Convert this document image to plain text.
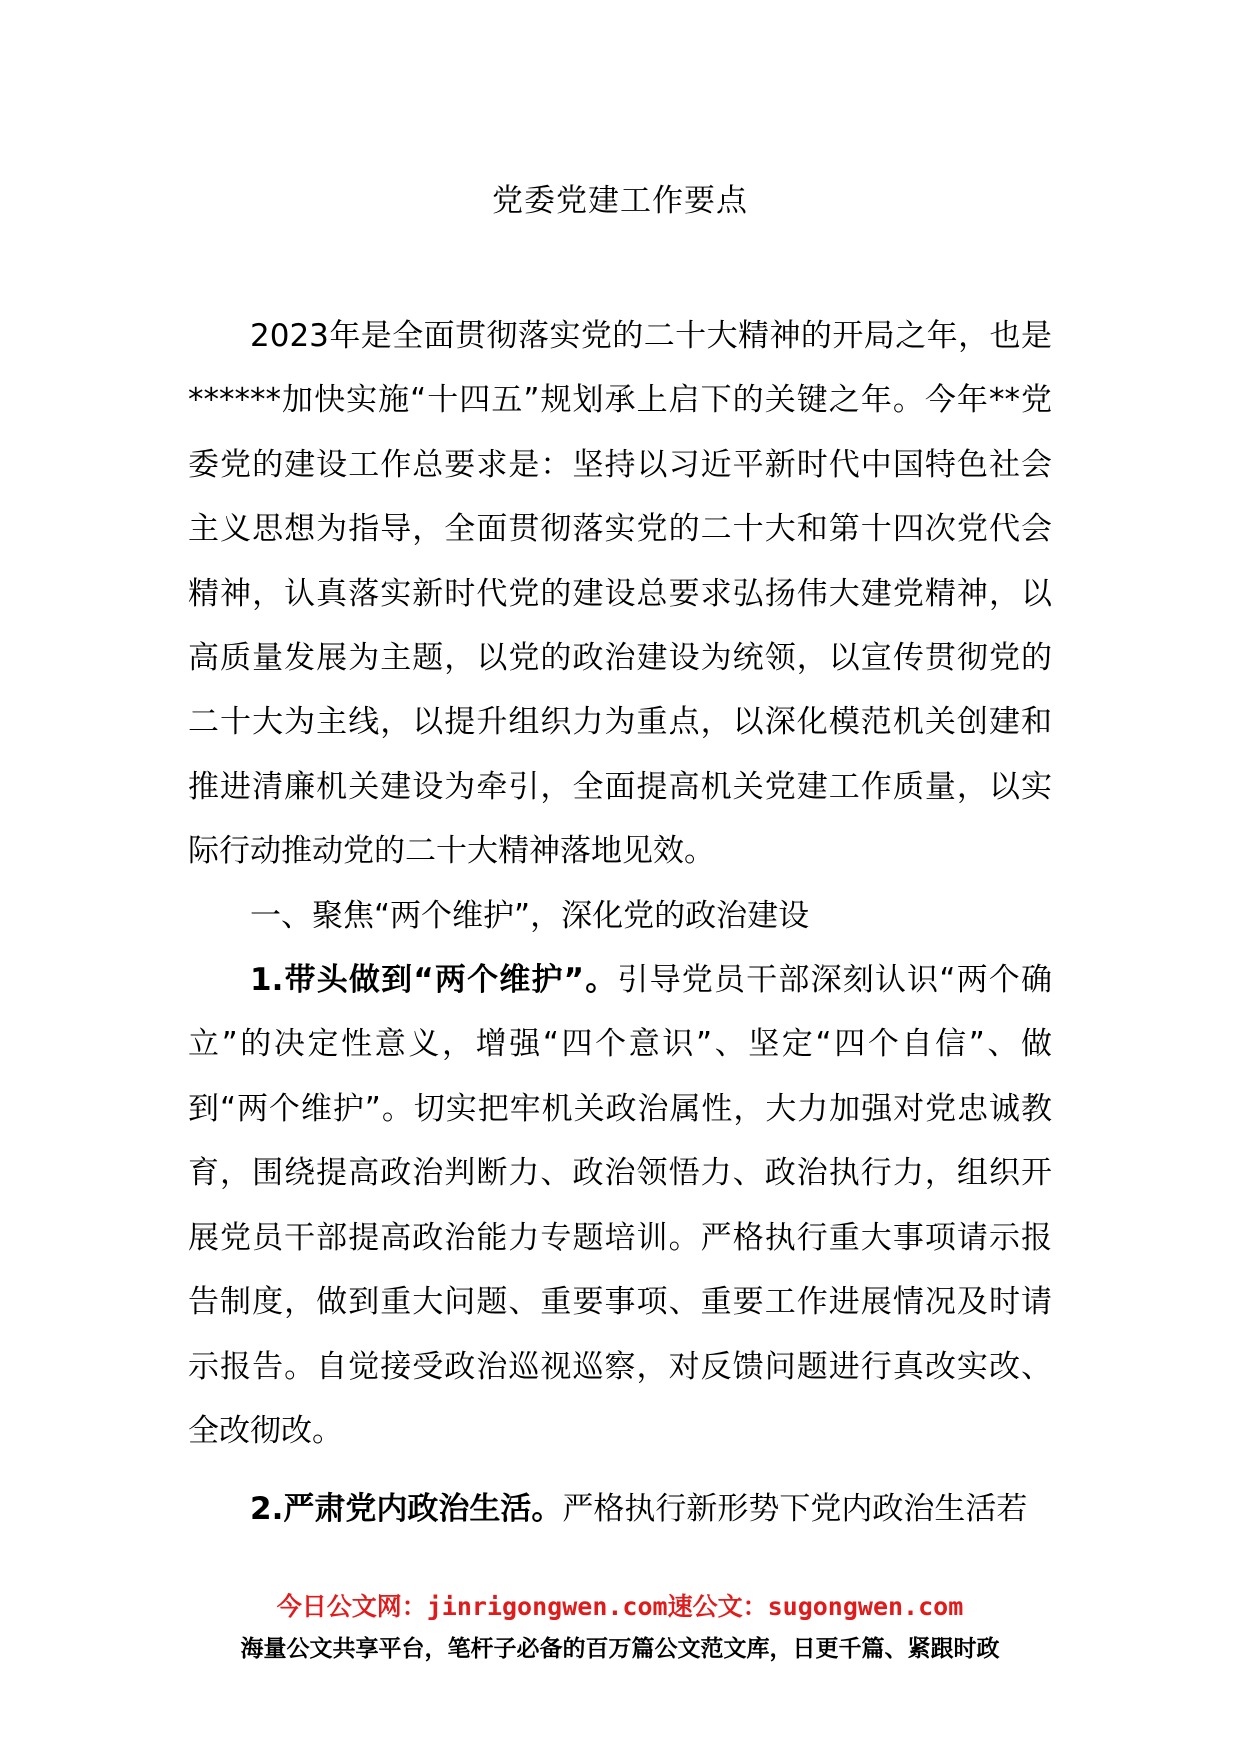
党委党建工作要点

2023年是全面贯彻落实党的二十大精神的开局之年，也是******加快实施“十四五”规划承上启下的关键之年。今年**党委党的建设工作总要求是：坚持以习近平新时代中国特色社会主义思想为指导，全面贯彻落实党的二十大和第十四次党代会精神，认真落实新时代党的建设总要求弘扬伟大建党精神，以高质量发展为主题，以党的政治建设为统领，以宣传贯彻党的二十大为主线，以提升组织力为重点，以深化模范机关创建和推进清廉机关建设为牵引，全面提高机关党建工作质量，以实际行动推动党的二十大精神落地见效。

一、聚焦“两个维护”，深化党的政治建设

1.带头做到“两个维护”。引导党员干部深刻认识“两个确立”的决定性意义，增强“四个意识”、坚定“四个自信”、做到“两个维护”。切实把牢机关政治属性，大力加强对党忠诚教育，围绕提高政治判断力、政治领悟力、政治执行力，组织开展党员干部提高政治能力专题培训。严格执行重大事项请示报告制度，做到重大问题、重要事项、重要工作进展情况及时请示报告。自觉接受政治巡视巡察，对反馈问题进行真改实改、全改彻改。

2.严肃党内政治生活。严格执行新形势下党内政治生活若

今日公文网：jinrigongwen.com速公文：sugongwen.com
海量公文共享平台，笔杆子必备的百万篇公文范文库，日更千篇、紧跟时政
